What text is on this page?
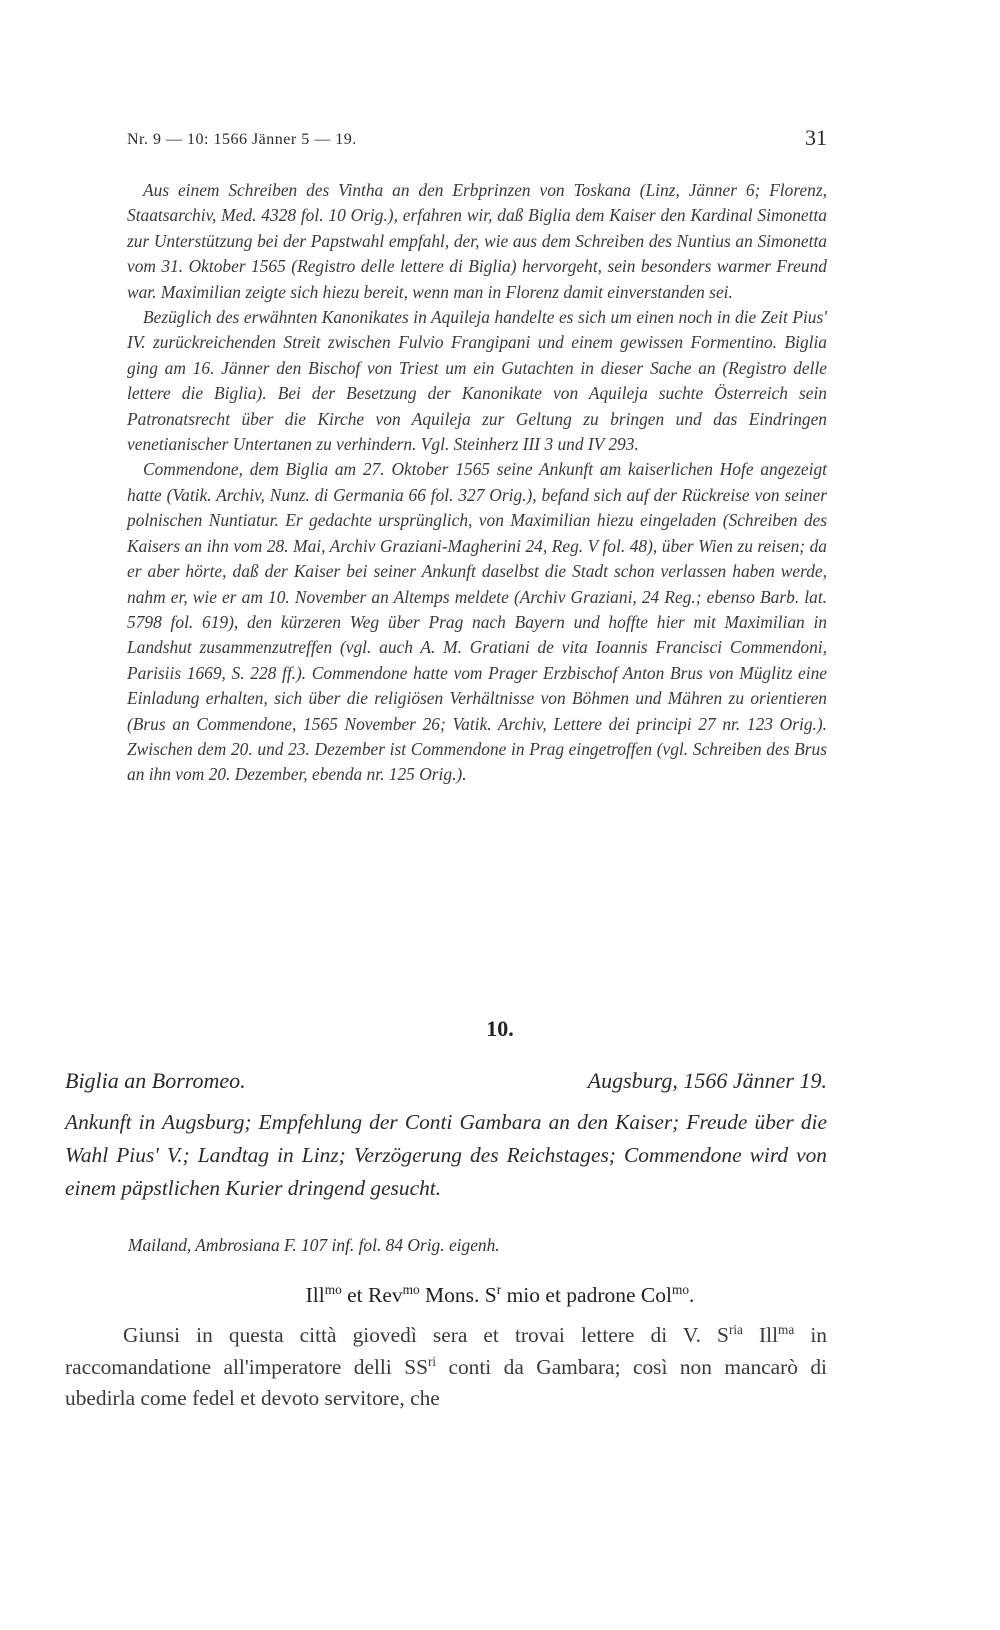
Nr. 9 — 10: 1566 Jänner 5 — 19.	31

Aus einem Schreiben des Vintha an den Erbprinzen von Toskana (Linz, Jänner 6; Florenz, Staatsarchiv, Med. 4328 fol. 10 Orig.), erfahren wir, daß Biglia dem Kaiser den Kardinal Simonetta zur Unterstützung bei der Papstwahl empfahl, der, wie aus dem Schreiben des Nuntius an Simonetta vom 31. Oktober 1565 (Registro delle lettere di Biglia) hervorgeht, sein besonders warmer Freund war. Maximilian zeigte sich hiezu bereit, wenn man in Florenz damit einverstanden sei.

Bezüglich des erwähnten Kanonikates in Aquileja handelte es sich um einen noch in die Zeit Pius' IV. zurückreichenden Streit zwischen Fulvio Frangipani und einem gewissen Formentino. Biglia ging am 16. Jänner den Bischof von Triest um ein Gutachten in dieser Sache an (Registro delle lettere die Biglia). Bei der Besetzung der Kanonikate von Aquileja suchte Österreich sein Patronatsrecht über die Kirche von Aquileja zur Geltung zu bringen und das Eindringen venetianischer Untertanen zu verhindern. Vgl. Steinherz III 3 und IV 293.

Commendone, dem Biglia am 27. Oktober 1565 seine Ankunft am kaiserlichen Hofe angezeigt hatte (Vatik. Archiv, Nunz. di Germania 66 fol. 327 Orig.), befand sich auf der Rückreise von seiner polnischen Nuntiatur. Er gedachte ursprünglich, von Maximilian hiezu eingeladen (Schreiben des Kaisers an ihn vom 28. Mai, Archiv Graziani-Magherini 24, Reg. V fol. 48), über Wien zu reisen; da er aber hörte, daß der Kaiser bei seiner Ankunft daselbst die Stadt schon verlassen haben werde, nahm er, wie er am 10. November an Altemps meldete (Archiv Graziani, 24 Reg.; ebenso Barb. lat. 5798 fol. 619), den kürzeren Weg über Prag nach Bayern und hoffte hier mit Maximilian in Landshut zusammenzutreffen (vgl. auch A. M. Gratiani de vita Ioannis Francisci Commendoni, Parisiis 1669, S. 228 ff.). Commendone hatte vom Prager Erzbischof Anton Brus von Müglitz eine Einladung erhalten, sich über die religiösen Verhältnisse von Böhmen und Mähren zu orientieren (Brus an Commendone, 1565 November 26; Vatik. Archiv, Lettere dei principi 27 nr. 123 Orig.). Zwischen dem 20. und 23. Dezember ist Commendone in Prag eingetroffen (vgl. Schreiben des Brus an ihn vom 20. Dezember, ebenda nr. 125 Orig.).

10.
Biglia an Borromeo.	Augsburg, 1566 Jänner 19.
Ankunft in Augsburg; Empfehlung der Conti Gambara an den Kaiser; Freude über die Wahl Pius' V.; Landtag in Linz; Verzögerung des Reichstages; Commendone wird von einem päpstlichen Kurier dringend gesucht.
Mailand, Ambrosiana F. 107 inf. fol. 84 Orig. eigenh.
Ill$^{mo}$ et Rev$^{mo}$ Mons. $S^r$ mio et padrone Col$^{mo}$.

Giunsi in questa città giovedì sera et trovai lettere di V. $S^{ria}$ Ill$^{ma}$ in raccomandatione all'imperatore delli $SS^{ri}$ conti da Gambara; così non mancarò di ubedirla come fedel et devoto servitore, che
